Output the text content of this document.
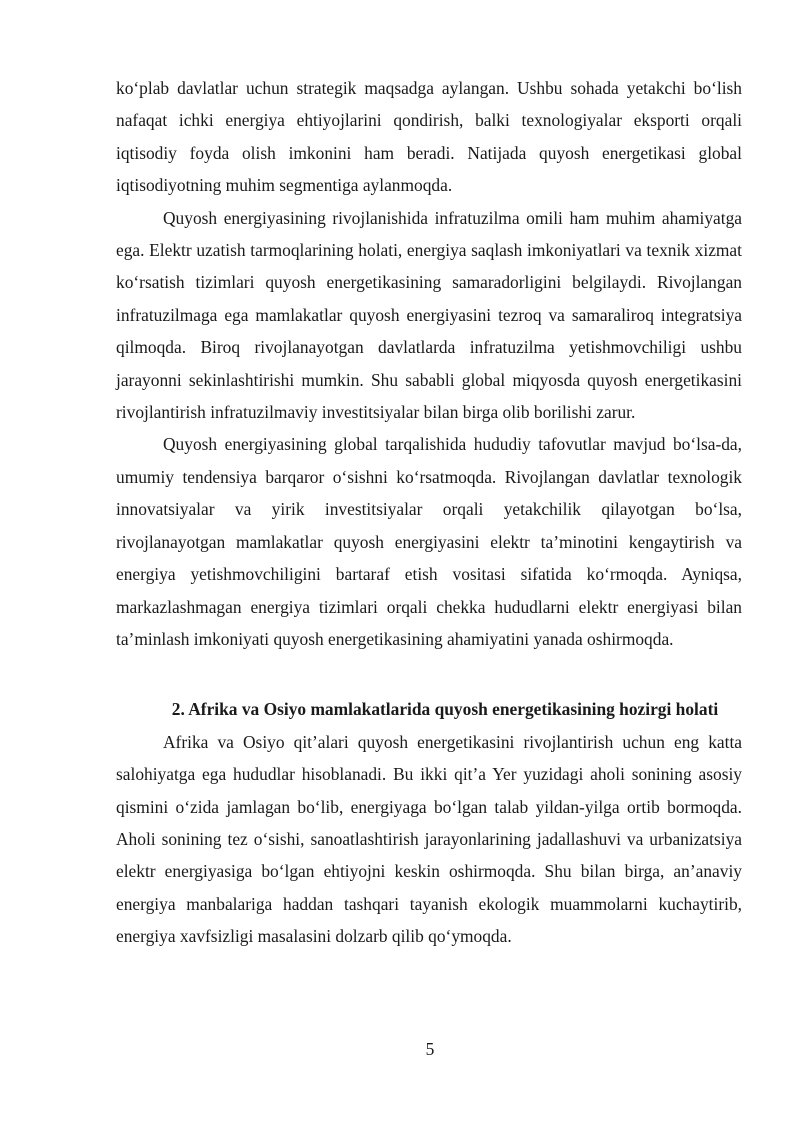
ko‘plab davlatlar uchun strategik maqsadga aylangan. Ushbu sohada yetakchi bo‘lish nafaqat ichki energiya ehtiyojlarini qondirish, balki texnologiyalar eksporti orqali iqtisodiy foyda olish imkonini ham beradi. Natijada quyosh energetikasi global iqtisodiyotning muhim segmentiga aylanmoqda.

Quyosh energiyasining rivojlanishida infratuzilma omili ham muhim ahamiyatga ega. Elektr uzatish tarmoqlarining holati, energiya saqlash imkoniyatlari va texnik xizmat ko‘rsatish tizimlari quyosh energetikasining samaradorligini belgilaydi. Rivojlangan infratuzilmaga ega mamlakatlar quyosh energiyasini tezroq va samaraliroq integratsiya qilmoqda. Biroq rivojlanayotgan davlatlarda infratuzilma yetishmovchiligi ushbu jarayonni sekinlashtirishi mumkin. Shu sababli global miqyosda quyosh energetikasini rivojlantirish infratuzilmaviy investitsiyalar bilan birga olib borilishi zarur.

Quyosh energiyasining global tarqalishida hududiy tafovutlar mavjud bo‘lsa-da, umumiy tendensiya barqaror o‘sishni ko‘rsatmoqda. Rivojlangan davlatlar texnologik innovatsiyalar va yirik investitsiyalar orqali yetakchilik qilayotgan bo‘lsa, rivojlanayotgan mamlakatlar quyosh energiyasini elektr ta’minotini kengaytirish va energiya yetishmovchiligini bartaraf etish vositasi sifatida ko‘rmoqda. Ayniqsa, markazlashmagan energiya tizimlari orqali chekka hududlarni elektr energiyasi bilan ta’minlash imkoniyati quyosh energetikasining ahamiyatini yanada oshirmoqda.

2. Afrika va Osiyo mamlakatlarida quyosh energetikasining hozirgi holati

Afrika va Osiyo qit’alari quyosh energetikasini rivojlantirish uchun eng katta salohiyatga ega hududlar hisoblanadi. Bu ikki qit’a Yer yuzidagi aholi sonining asosiy qismini o‘zida jamlagan bo‘lib, energiyaga bo‘lgan talab yildan-yilga ortib bormoqda. Aholi sonining tez o‘sishi, sanoatlashtirish jarayonlarining jadallashuvi va urbanizatsiya elektr energiyasiga bo‘lgan ehtiyojni keskin oshirmoqda. Shu bilan birga, an’anaviy energiya manbalariga haddan tashqari tayanish ekologik muammolarni kuchaytirib, energiya xavfsizligi masalasini dolzarb qilib qo‘ymoqda.

5
